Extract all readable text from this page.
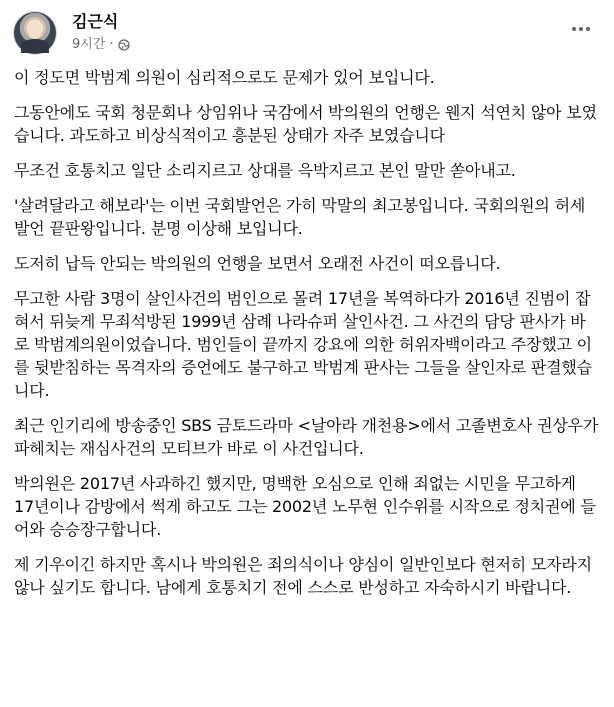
김근식
9시간 ·

이 정도면 박범계 의원이 심리적으로도 문제가 있어 보입니다.

그동안에도 국회 청문회나 상임위나 국감에서 박의원의 언행은 웬지 석연치 않아 보였습니다. 과도하고 비상식적이고 흥분된 상태가 자주 보였습니다

무조건 호통치고 일단 소리지르고 상대를 윽박지르고 본인 말만 쏟아내고.

'살려달라고 해보라'는 이번 국회발언은 가히 막말의 최고봉입니다. 국회의원의 허세 발언 끝판왕입니다. 분명 이상해 보입니다.

도저히 납득 안되는 박의원의 언행을 보면서 오래전 사건이 떠오릅니다.

무고한 사람 3명이 살인사건의 범인으로 몰려 17년을 복역하다가 2016년 진범이 잡혀서 뒤늦게 무죄석방된 1999년 삼례 나라슈퍼 살인사건. 그 사건의 담당 판사가 바로 박범계의원이었습니다. 범인들이 끝까지 강요에 의한 허위자백이라고 주장했고 이를 뒷받침하는 목격자의 증언에도 불구하고 박범계 판사는 그들을 살인자로 판결했습니다.

최근 인기리에 방송중인 SBS 금토드라마 <날아라 개천용>에서 고졸변호사 권상우가 파헤치는 재심사건의 모티브가 바로 이 사건입니다.

박의원은 2017년 사과하긴 했지만, 명백한 오심으로 인해 죄없는 시민을 무고하게 17년이나 감방에서 썩게 하고도 그는 2002년 노무현 인수위를 시작으로 정치권에 들어와 승승장구합니다.

제 기우이긴 하지만 혹시나 박의원은 죄의식이나 양심이 일반인보다 현저히 모자라지 않나 싶기도 합니다. 남에게 호통치기 전에 스스로 반성하고 자숙하시기 바랍니다.
